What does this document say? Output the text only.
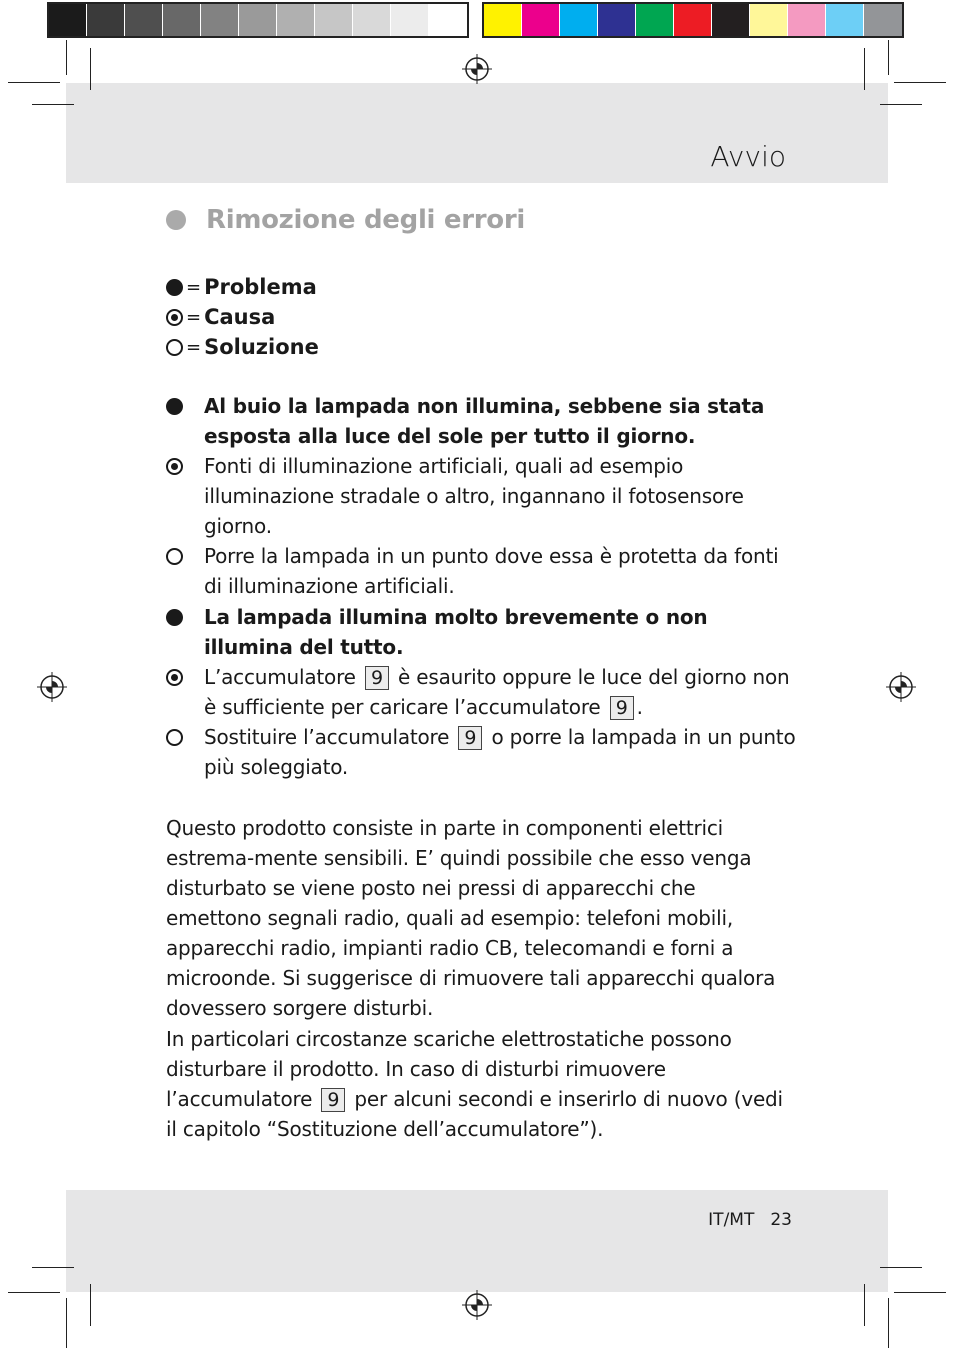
Avvio
Rimozione degli errori
= Problema
= Causa
= Soluzione
Al buio la lampada non illumina, sebbene sia stata esposta alla luce del sole per tutto il giorno.
Fonti di illuminazione artificiali, quali ad esempio illuminazione stradale o altro, ingannano il fotosensore giorno.
Porre la lampada in un punto dove essa è protetta da fonti di illuminazione artificiali.
La lampada illumina molto brevemente o non illumina del tutto.
L’accumulatore 9 è esaurito oppure le luce del giorno non è sufficiente per caricare l’accumulatore 9 .
Sostituire l’accumulatore 9 o porre la lampada in un punto più soleggiato.
Questo prodotto consiste in parte in componenti elettrici estrema-mente sensibili. E’ quindi possibile che esso venga disturbato se viene posto nei pressi di apparecchi che emettono segnali radio, quali ad esempio: telefoni mobili, apparecchi radio, impianti radio CB, telecomandi e forni a microonde. Si suggerisce di rimuovere tali apparecchi qualora dovessero sorgere disturbi.
In particolari circostanze scariche elettrostatiche possono disturbare il prodotto. In caso di disturbi rimuovere l’accumulatore 9 per alcuni secondi e inserirlo di nuovo (vedi il capitolo “Sostituzione dell’accumulatore”).
IT/MT 23
